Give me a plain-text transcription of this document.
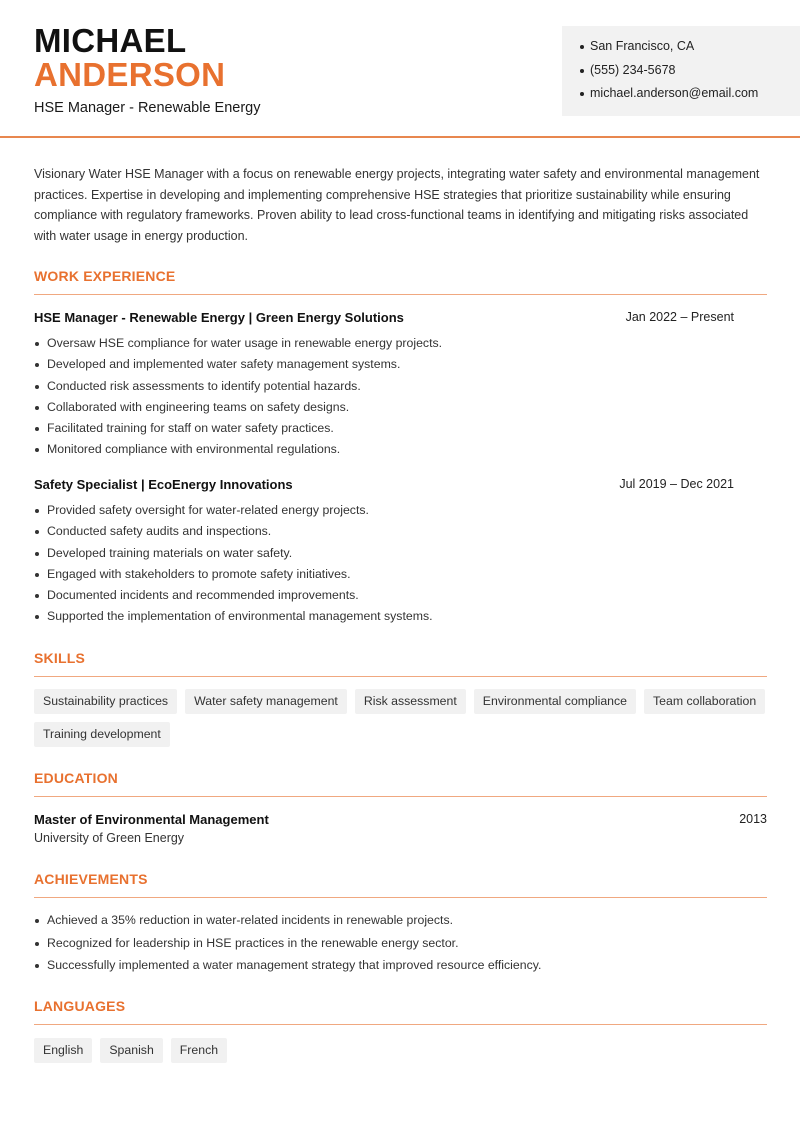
MICHAEL
ANDERSON
HSE Manager - Renewable Energy
San Francisco, CA
(555) 234-5678
michael.anderson@email.com

Visionary Water HSE Manager with a focus on renewable energy projects, integrating water safety and environmental management practices. Expertise in developing and implementing comprehensive HSE strategies that prioritize sustainability while ensuring compliance with regulatory frameworks. Proven ability to lead cross-functional teams in identifying and mitigating risks associated with water usage in energy production.

WORK EXPERIENCE
HSE Manager - Renewable Energy | Green Energy Solutions	Jan 2022 – Present
Oversaw HSE compliance for water usage in renewable energy projects.
Developed and implemented water safety management systems.
Conducted risk assessments to identify potential hazards.
Collaborated with engineering teams on safety designs.
Facilitated training for staff on water safety practices.
Monitored compliance with environmental regulations.
Safety Specialist | EcoEnergy Innovations	Jul 2019 – Dec 2021
Provided safety oversight for water-related energy projects.
Conducted safety audits and inspections.
Developed training materials on water safety.
Engaged with stakeholders to promote safety initiatives.
Documented incidents and recommended improvements.
Supported the implementation of environmental management systems.
SKILLS
Sustainability practices	Water safety management	Risk assessment	Environmental compliance	Team collaboration
Training development
EDUCATION
Master of Environmental Management	2013
University of Green Energy
ACHIEVEMENTS
Achieved a 35% reduction in water-related incidents in renewable projects.
Recognized for leadership in HSE practices in the renewable energy sector.
Successfully implemented a water management strategy that improved resource efficiency.
LANGUAGES
English	Spanish	French
